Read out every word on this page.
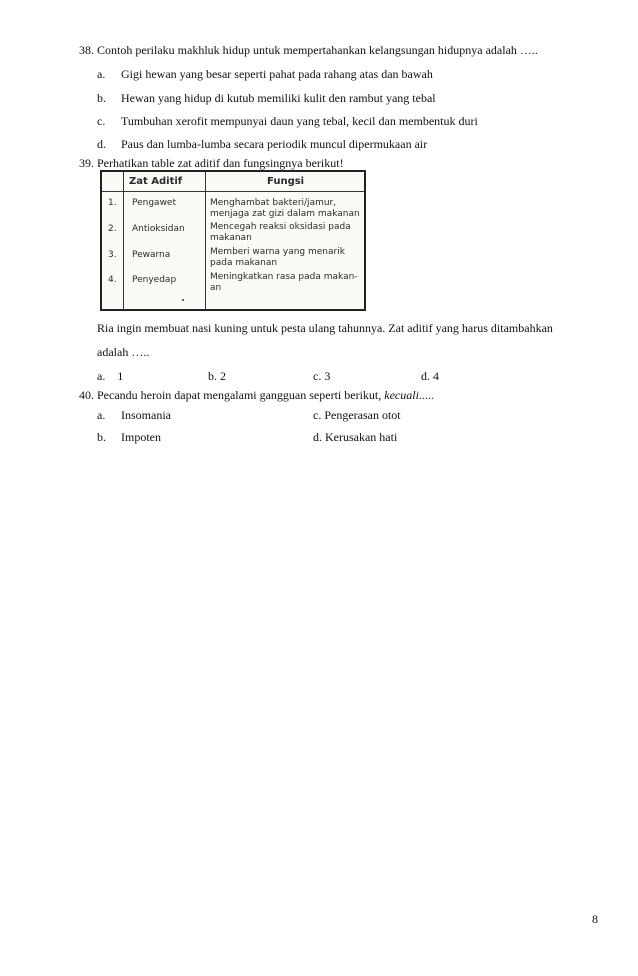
38. Contoh perilaku makhluk hidup untuk mempertahankan kelangsungan hidupnya adalah …..
a. Gigi hewan yang besar seperti pahat pada rahang atas dan bawah
b. Hewan yang hidup di kutub memiliki kulit den rambut yang tebal
c. Tumbuhan xerofit mempunyai daun yang tebal, kecil dan membentuk duri
d. Paus dan lumba-lumba secara periodik muncul dipermukaan air
39. Perhatikan table zat aditif dan fungsingnya berikut!
Zat Aditif	Fungsi
1. Pengawet	Menghambat bakteri/jamur,
menjaga zat gizi dalam makanan
2. Antioksidan	Mencegah reaksi oksidasi pada
makanan
3. Pewarna	Memberi warna yang menarik
pada makanan
4. Penyedap	Meningkatkan rasa pada makan-
an
Ria ingin membuat nasi kuning untuk pesta ulang tahunnya. Zat aditif yang harus ditambahkan
adalah …..
a. 1	b. 2	c. 3	d. 4
40. Pecandu heroin dapat mengalami gangguan seperti berikut, kecuali.....
a. Insomania	c. Pengerasan otot
b. Impoten	d. Kerusakan hati
8
